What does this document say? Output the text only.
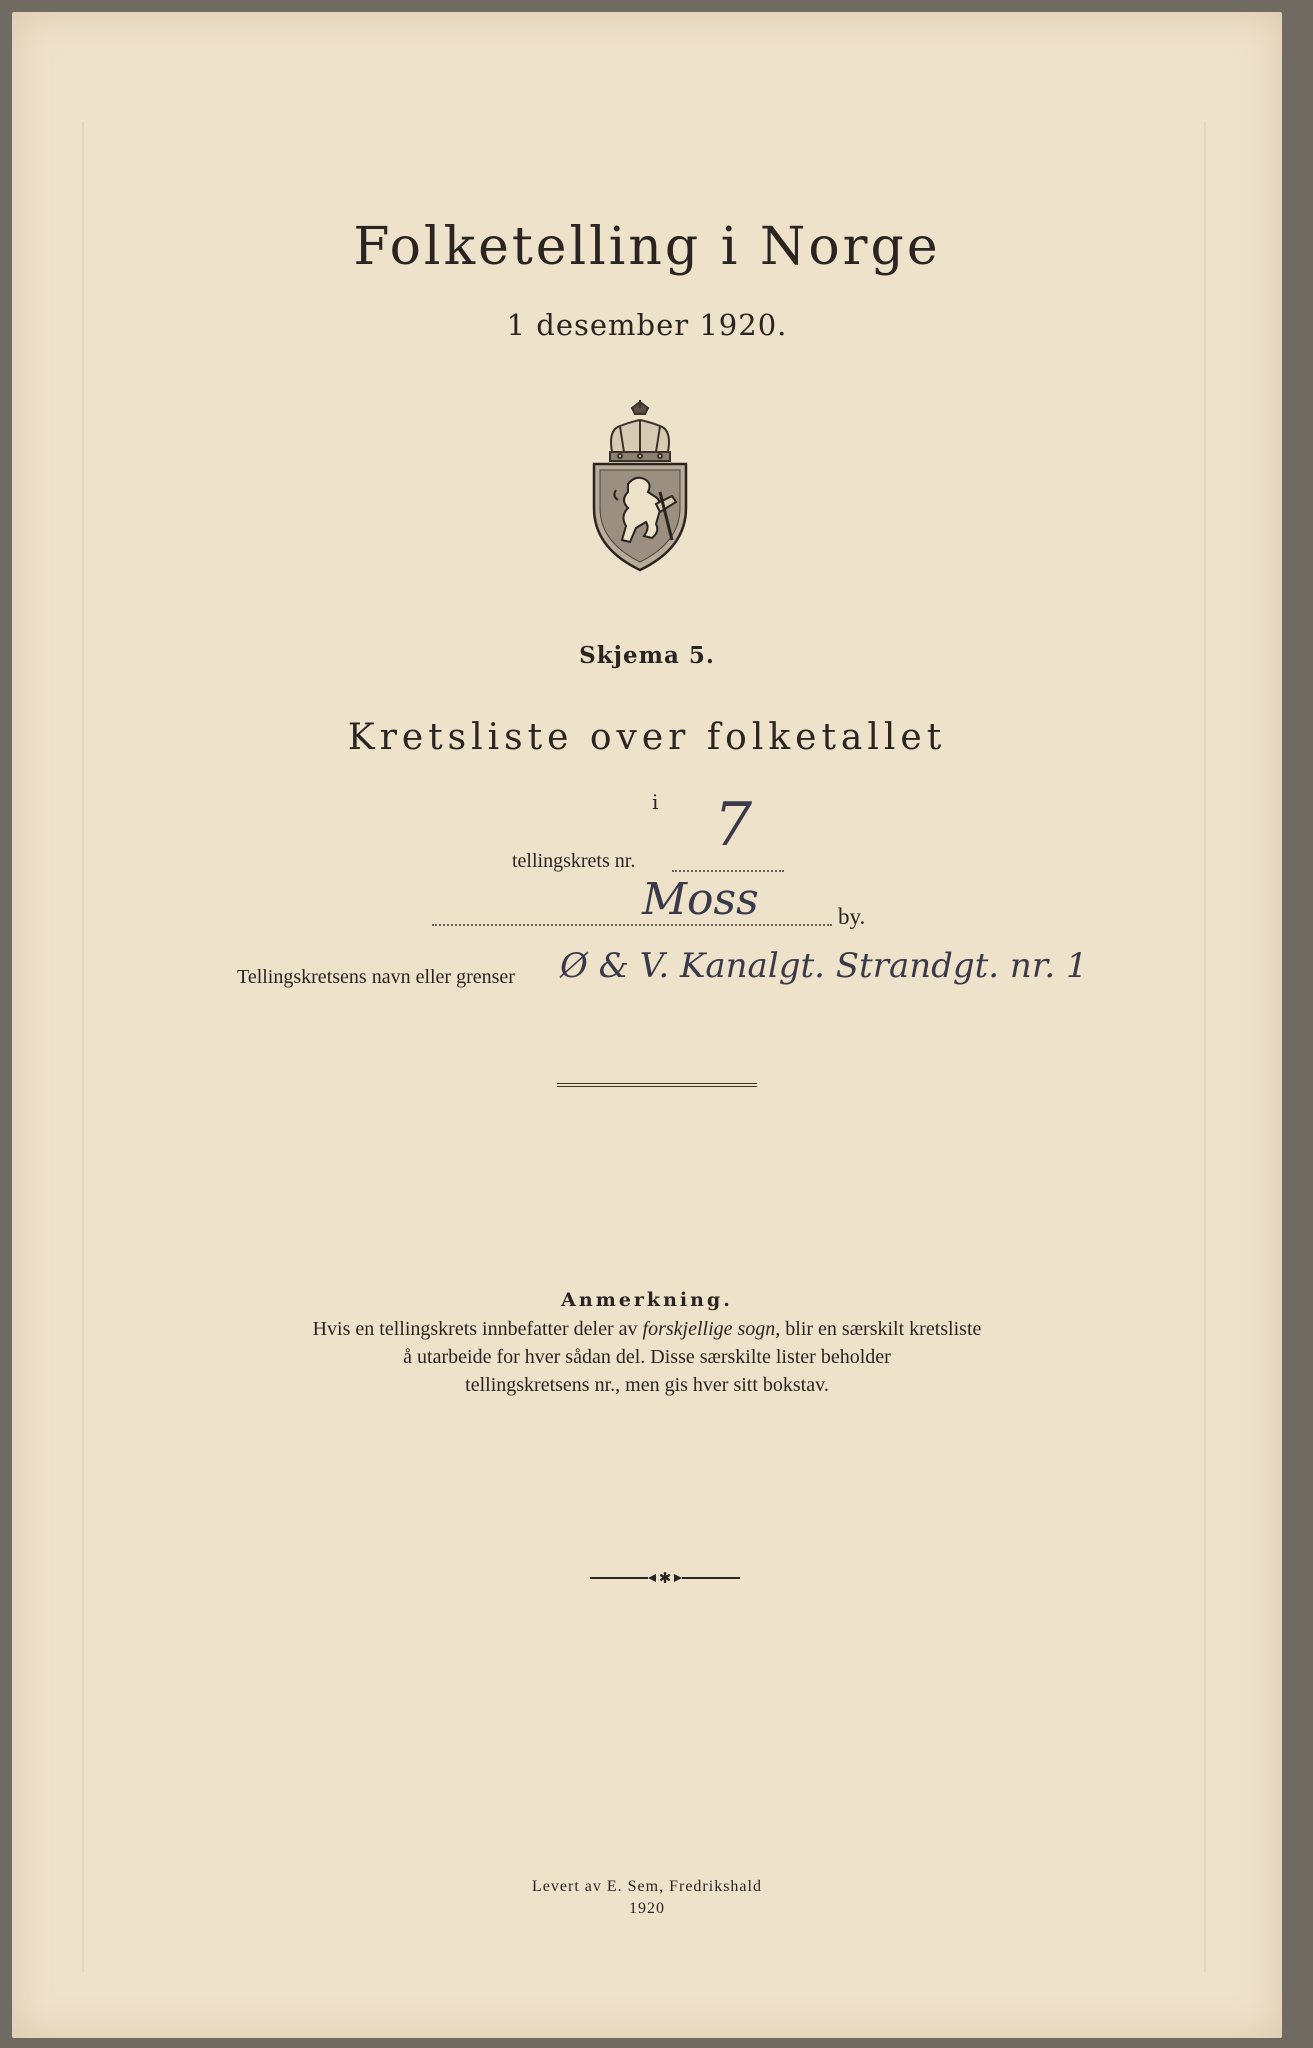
Folketelling i Norge
1 desember 1920.
Skjema 5.
Kretsliste over folketallet
i
tellingskrets nr.
7
Moss	by.
Tellingskretsens navn eller grenser Ø & V. Kanalgt. Strandgt. nr. 1
Anmerkning.
Hvis en tellingskrets innbefatter deler av forskjellige sogn, blir en særskilt kretsliste
å utarbeide for hver sådan del. Disse særskilte lister beholder
tellingskretsens nr., men gis hver sitt bokstav.
✱
Levert av E. Sem, Fredrikshald
1920
